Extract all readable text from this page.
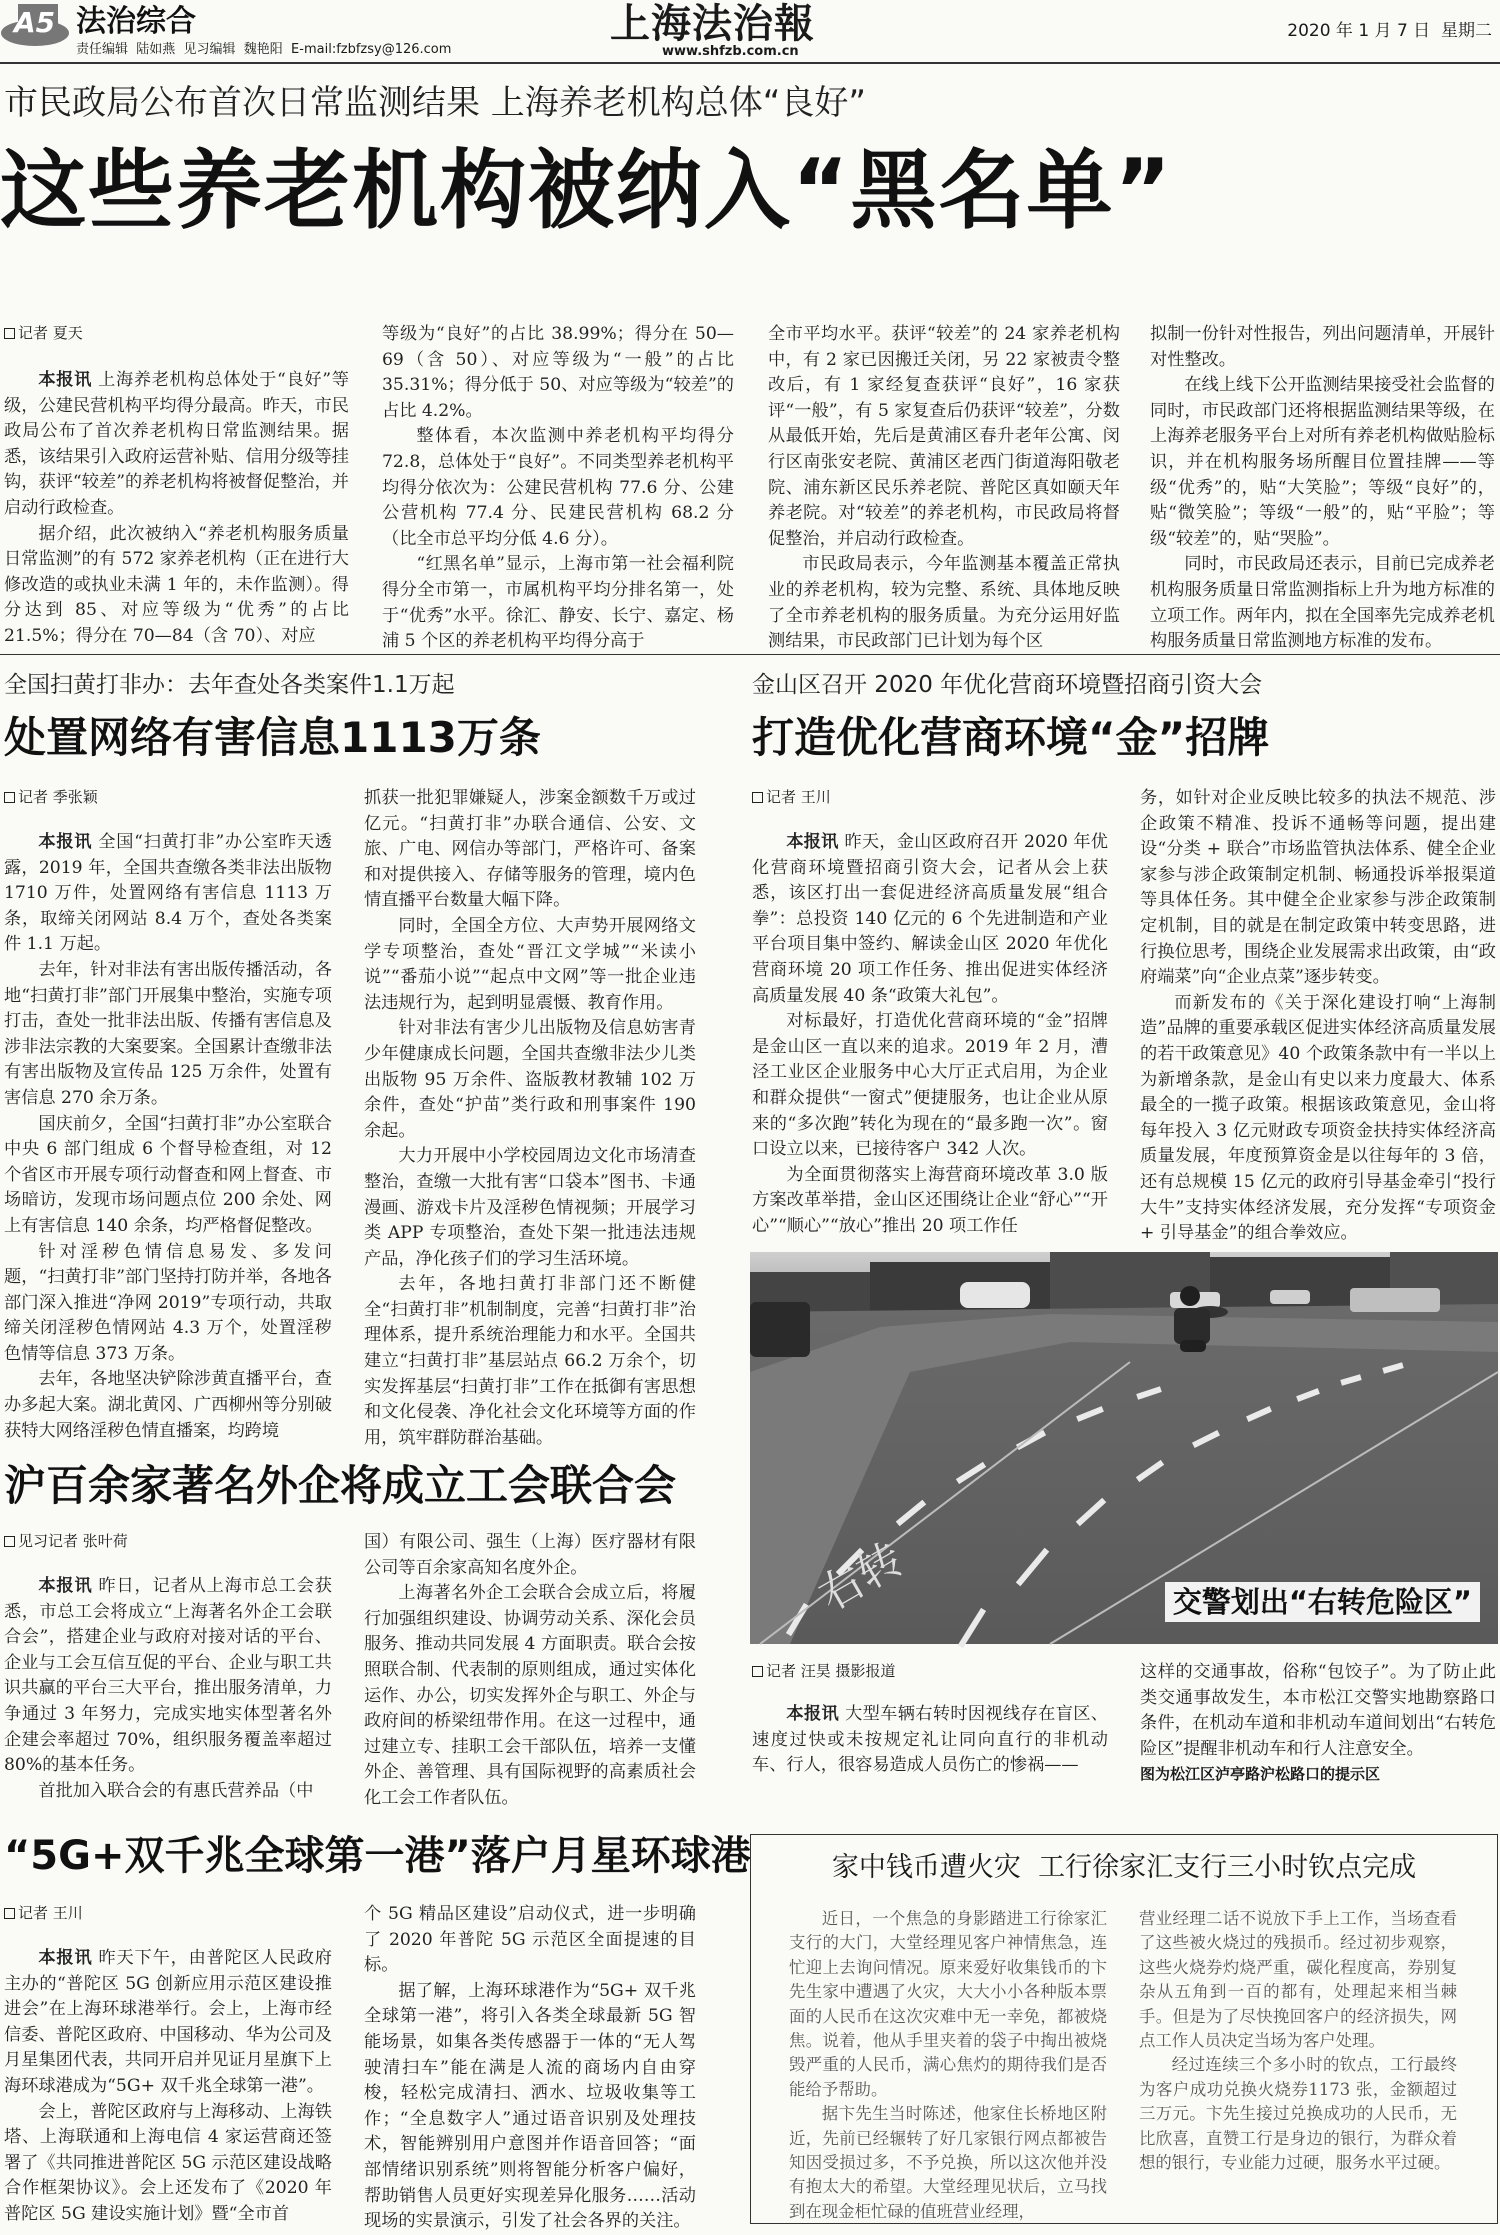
A5 法治综合
责任编辑  陆如燕  见习编辑  魏艳阳  E-mail:fzbfzsy@126.com
上海法治報
www.shfzb.com.cn
2020 年 1 月 7 日  星期二
市民政局公布首次日常监测结果 上海养老机构总体“良好”
这些养老机构被纳入“黑名单”
记者 夏天

本报讯 上海养老机构总体处于“良好”等级，公建民营机构平均得分最高。昨天，市民政局公布了首次养老机构日常监测结果。据悉，该结果引入政府运营补贴、信用分级等挂钩，获评“较差”的养老机构将被督促整治，并启动行政检查。

据介绍，此次被纳入“养老机构服务质量日常监测”的有 572 家养老机构（正在进行大修改造的或执业未满 1 年的，未作监测）。得分达到 85、对应等级为“优秀”的占比 21.5%；得分在 70—84（含 70）、对应

等级为“良好”的占比 38.99%；得分在 50—69（含 50）、对应等级为“一般”的占比 35.31%；得分低于 50、对应等级为“较差”的占比 4.2%。

整体看，本次监测中养老机构平均得分 72.8，总体处于“良好”。不同类型养老机构平均得分依次为：公建民营机构 77.6 分、公建公营机构 77.4 分、民建民营机构 68.2 分（比全市总平均分低 4.6 分）。

“红黑名单”显示，上海市第一社会福利院得分全市第一，市属机构平均分排名第一，处于“优秀”水平。徐汇、静安、长宁、嘉定、杨浦 5 个区的养老机构平均得分高于

全市平均水平。获评“较差”的 24 家养老机构中，有 2 家已因搬迁关闭，另 22 家被责令整改后，有 1 家经复查获评“良好”，16 家获评“一般”，有 5 家复查后仍获评“较差”，分数从最低开始，先后是黄浦区春升老年公寓、闵行区南张安老院、黄浦区老西门街道海阳敬老院、浦东新区民乐养老院、普陀区真如颐天年养老院。对“较差”的养老机构，市民政局将督促整治，并启动行政检查。

市民政局表示，今年监测基本覆盖正常执业的养老机构，较为完整、系统、具体地反映了全市养老机构的服务质量。为充分运用好监测结果，市民政部门已计划为每个区

拟制一份针对性报告，列出问题清单，开展针对性整改。

在线上线下公开监测结果接受社会监督的同时，市民政部门还将根据监测结果等级，在上海养老服务平台上对所有养老机构做贴脸标识，并在机构服务场所醒目位置挂牌——等级“优秀”的，贴“大笑脸”；等级“良好”的，贴“微笑脸”；等级“一般”的，贴“平脸”；等级“较差”的，贴“哭脸”。

同时，市民政局还表示，目前已完成养老机构服务质量日常监测指标上升为地方标准的立项工作。两年内，拟在全国率先完成养老机构服务质量日常监测地方标准的发布。

全国扫黄打非办：去年查处各类案件1.1万起
处置网络有害信息1113万条
记者 季张颖

本报讯 全国“扫黄打非”办公室昨天透露，2019 年，全国共查缴各类非法出版物 1710 万件，处置网络有害信息 1113 万条，取缔关闭网站 8.4 万个，查处各类案件 1.1 万起。

去年，针对非法有害出版传播活动，各地“扫黄打非”部门开展集中整治，实施专项打击，查处一批非法出版、传播有害信息及涉非法宗教的大案要案。全国累计查缴非法有害出版物及宣传品 125 万余件，处置有害信息 270 余万条。

国庆前夕，全国“扫黄打非”办公室联合中央 6 部门组成 6 个督导检查组，对 12 个省区市开展专项行动督查和网上督查、市场暗访，发现市场问题点位 200 余处、网上有害信息 140 余条，均严格督促整改。

针对淫秽色情信息易发、多发问题，“扫黄打非”部门坚持打防并举，各地各部门深入推进“净网 2019”专项行动，共取缔关闭淫秽色情网站 4.3 万个，处置淫秽色情等信息 373 万条。

去年，各地坚决铲除涉黄直播平台，查办多起大案。湖北黄冈、广西柳州等分别破获特大网络淫秽色情直播案，均跨境

抓获一批犯罪嫌疑人，涉案金额数千万或过亿元。“扫黄打非”办联合通信、公安、文旅、广电、网信办等部门，严格许可、备案和对提供接入、存储等服务的管理，境内色情直播平台数量大幅下降。

同时，全国全方位、大声势开展网络文学专项整治，查处“晋江文学城”“米读小说”“番茄小说”“起点中文网”等一批企业违法违规行为，起到明显震慑、教育作用。

针对非法有害少儿出版物及信息妨害青少年健康成长问题，全国共查缴非法少儿类出版物 95 万余件、盗版教材教辅 102 万余件，查处“护苗”类行政和刑事案件 190 余起。

大力开展中小学校园周边文化市场清查整治，查缴一大批有害“口袋本”图书、卡通漫画、游戏卡片及淫秽色情视频；开展学习类 APP 专项整治，查处下架一批违法违规产品，净化孩子们的学习生活环境。

去年，各地扫黄打非部门还不断健全“扫黄打非”机制制度，完善“扫黄打非”治理体系，提升系统治理能力和水平。全国共建立“扫黄打非”基层站点 66.2 万余个，切实发挥基层“扫黄打非”工作在抵御有害思想和文化侵袭、净化社会文化环境等方面的作用，筑牢群防群治基础。

金山区召开 2020 年优化营商环境暨招商引资大会
打造优化营商环境“金”招牌
记者 王川

本报讯 昨天，金山区政府召开 2020 年优化营商环境暨招商引资大会，记者从会上获悉，该区打出一套促进经济高质量发展“组合拳”：总投资 140 亿元的 6 个先进制造和产业平台项目集中签约、解读金山区 2020 年优化营商环境 20 项工作任务、推出促进实体经济高质量发展 40 条“政策大礼包”。

对标最好，打造优化营商环境的“金”招牌是金山区一直以来的追求。2019 年 2 月，漕泾工业区企业服务中心大厅正式启用，为企业和群众提供“一窗式”便捷服务，也让企业从原来的“多次跑”转化为现在的“最多跑一次”。窗口设立以来，已接待客户 342 人次。

为全面贯彻落实上海营商环境改革 3.0 版方案改革举措，金山区还围绕让企业“舒心”“开心”“顺心”“放心”推出 20 项工作任

务，如针对企业反映比较多的执法不规范、涉企政策不精准、投诉不通畅等问题，提出建设“分类 + 联合”市场监管执法体系、健全企业家参与涉企政策制定机制、畅通投诉举报渠道等具体任务。其中健全企业家参与涉企政策制定机制，目的就是在制定政策中转变思路，进行换位思考，围绕企业发展需求出政策，由“政府端菜”向“企业点菜”逐步转变。

而新发布的《关于深化建设打响“上海制造”品牌的重要承载区促进实体经济高质量发展的若干政策意见》40 个政策条款中有一半以上为新增条款，是金山有史以来力度最大、体系最全的一揽子政策。根据该政策意见，金山将每年投入 3 亿元财政专项资金扶持实体经济高质量发展，年度预算资金是以往每年的 3 倍，还有总规模 15 亿元的政府引导基金牵引“投行大牛”支持实体经济发展，充分发挥“专项资金 + 引导基金”的组合拳效应。

右转	交警划出“右转危险区”
记者 汪昊 摄影报道

本报讯 大型车辆右转时因视线存在盲区、速度过快或未按规定礼让同向直行的非机动车、行人，很容易造成人员伤亡的惨祸——

这样的交通事故，俗称“包饺子”。为了防止此类交通事故发生，本市松江交警实地勘察路口条件，在机动车道和非机动车道间划出“右转危险区”提醒非机动车和行人注意安全。

图为松江区泸亭路沪松路口的提示区
沪百余家著名外企将成立工会联合会
见习记者 张叶荷

本报讯 昨日，记者从上海市总工会获悉，市总工会将成立“上海著名外企工会联合会”，搭建企业与政府对接对话的平台、企业与工会互信互促的平台、企业与职工共识共赢的平台三大平台，推出服务清单，力争通过 3 年努力，完成实地实体型著名外企建会率超过 70%，组织服务覆盖率超过 80%的基本任务。

首批加入联合会的有惠氏营养品（中

国）有限公司、强生（上海）医疗器材有限公司等百余家高知名度外企。

上海著名外企工会联合会成立后，将履行加强组织建设、协调劳动关系、深化会员服务、推动共同发展 4 方面职责。联合会按照联合制、代表制的原则组成，通过实体化运作、办公，切实发挥外企与职工、外企与政府间的桥梁纽带作用。在这一过程中，通过建立专、挂职工会干部队伍，培养一支懂外企、善管理、具有国际视野的高素质社会化工会工作者队伍。

“5G+双千兆全球第一港”落户月星环球港
记者 王川

本报讯 昨天下午，由普陀区人民政府主办的“普陀区 5G 创新应用示范区建设推进会”在上海环球港举行。会上，上海市经信委、普陀区政府、中国移动、华为公司及月星集团代表，共同开启并见证月星旗下上海环球港成为“5G+ 双千兆全球第一港”。

会上，普陀区政府与上海移动、上海铁塔、上海联通和上海电信 4 家运营商还签署了《共同推进普陀区 5G 示范区建设战略合作框架协议》。会上还发布了《2020 年普陀区 5G 建设实施计划》暨“全市首

个 5G 精品区建设”启动仪式，进一步明确了 2020 年普陀 5G 示范区全面提速的目标。

据了解，上海环球港作为“5G+ 双千兆全球第一港”，将引入各类全球最新 5G 智能场景，如集各类传感器于一体的“无人驾驶清扫车”能在满是人流的商场内自由穿梭，轻松完成清扫、洒水、垃圾收集等工作；“全息数字人”通过语音识别及处理技术，智能辨别用户意图并作语音回答；“面部情绪识别系统”则将智能分析客户偏好，帮助销售人员更好实现差异化服务……活动现场的实景演示，引发了社会各界的关注。

家中钱币遭火灾  工行徐家汇支行三小时钦点完成

近日，一个焦急的身影踏进工行徐家汇支行的大门，大堂经理见客户神情焦急，连忙迎上去询问情况。原来爱好收集钱币的卞先生家中遭遇了火灾，大大小小各种版本票面的人民币在这次灾难中无一幸免，都被烧焦。说着，他从手里夹着的袋子中掏出被烧毁严重的人民币，满心焦灼的期待我们是否能给予帮助。

据卞先生当时陈述，他家住长桥地区附近，先前已经辗转了好几家银行网点都被告知因受损过多，不予兑换，所以这次他并没有抱太大的希望。大堂经理见状后，立马找到在现金柜忙碌的值班营业经理，

营业经理二话不说放下手上工作，当场查看了这些被火烧过的残损币。经过初步观察，这些火烧券灼烧严重，碳化程度高，券别复杂从五角到一百的都有，处理起来相当棘手。但是为了尽快挽回客户的经济损失，网点工作人员决定当场为客户处理。

经过连续三个多小时的钦点，工行最终为客户成功兑换火烧券1173 张，金额超过三万元。卞先生接过兑换成功的人民币，无比欣喜，直赞工行是身边的银行，为群众着想的银行，专业能力过硬，服务水平过硬。
